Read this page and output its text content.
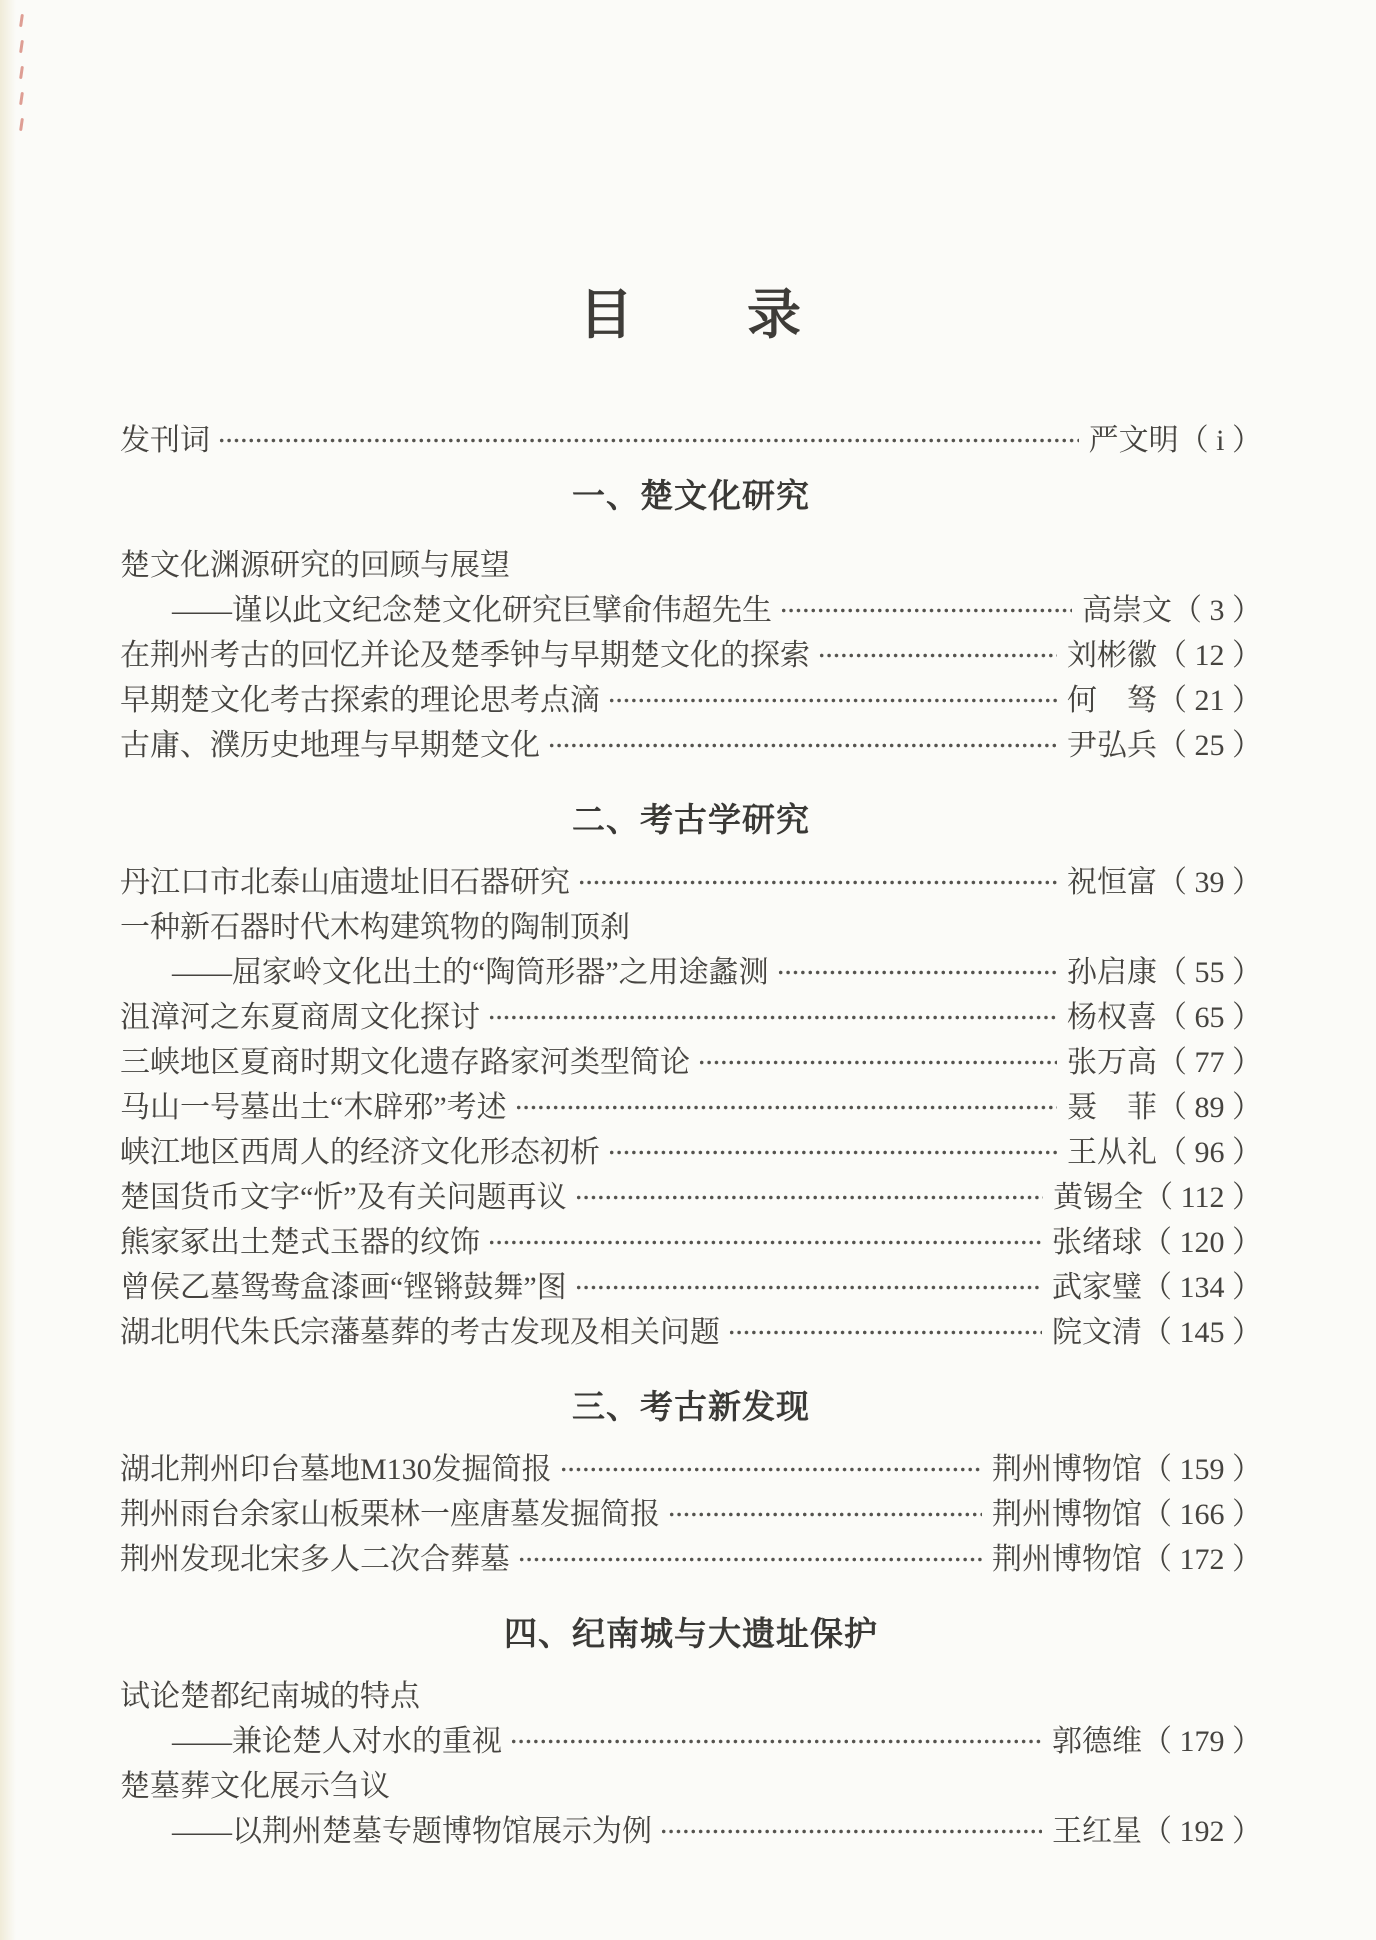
目　　录
发刊词	严文明（ i ）
一、楚文化研究
楚文化渊源研究的回顾与展望
——谨以此文纪念楚文化研究巨擘俞伟超先生	高崇文（ 3 ）
在荆州考古的回忆并论及楚季钟与早期楚文化的探索	刘彬徽（ 12 ）
早期楚文化考古探索的理论思考点滴	何　驽（ 21 ）
古庸、濮历史地理与早期楚文化	尹弘兵（ 25 ）
二、考古学研究
丹江口市北泰山庙遗址旧石器研究	祝恒富（ 39 ）
一种新石器时代木构建筑物的陶制顶刹
——屈家岭文化出土的“陶筒形器”之用途蠡测	孙启康（ 55 ）
沮漳河之东夏商周文化探讨	杨权喜（ 65 ）
三峡地区夏商时期文化遗存路家河类型简论	张万高（ 77 ）
马山一号墓出土“木辟邪”考述	聂　菲（ 89 ）
峡江地区西周人的经济文化形态初析	王从礼（ 96 ）
楚国货币文字“忻”及有关问题再议	黄锡全（ 112 ）
熊家冢出土楚式玉器的纹饰	张绪球（ 120 ）
曾侯乙墓鸳鸯盒漆画“铿锵鼓舞”图	武家璧（ 134 ）
湖北明代朱氏宗藩墓葬的考古发现及相关问题	院文清（ 145 ）
三、考古新发现
湖北荆州印台墓地M130发掘简报	荆州博物馆（ 159 ）
荆州雨台余家山板栗林一座唐墓发掘简报	荆州博物馆（ 166 ）
荆州发现北宋多人二次合葬墓	荆州博物馆（ 172 ）
四、纪南城与大遗址保护
试论楚都纪南城的特点
——兼论楚人对水的重视	郭德维（ 179 ）
楚墓葬文化展示刍议
——以荆州楚墓专题博物馆展示为例	王红星（ 192 ）
